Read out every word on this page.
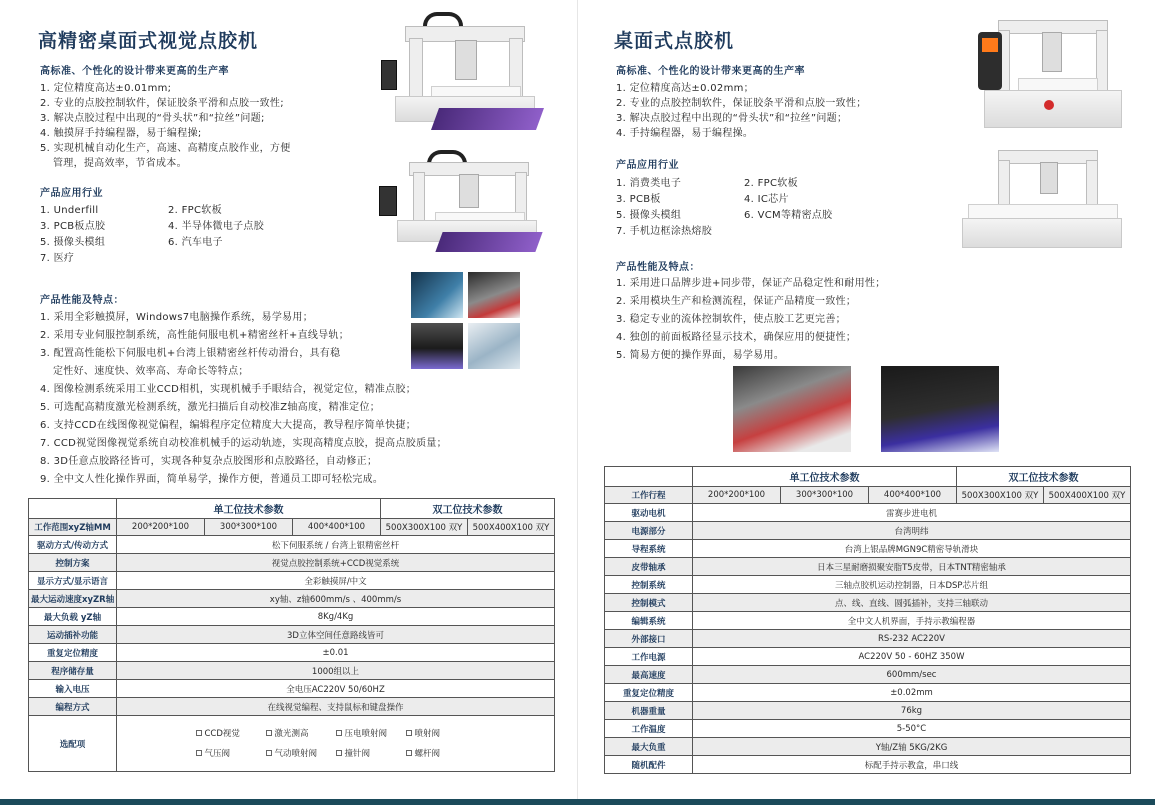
高精密桌面式视觉点胶机
高标准、个性化的设计带来更高的生产率
1. 定位精度高达±0.01mm;
2. 专业的点胶控制软件，保证胶条平滑和点胶一致性;
3. 解决点胶过程中出现的“骨头状”和“拉丝”问题;
4. 触摸屏手持编程器，易于编程操;
5. 实现机械自动化生产，高速、高精度点胶作业，方便
管理，提高效率，节省成本。
产品应用行业
1. Underfill	2. FPC软板
3. PCB板点胶	4. 半导体微电子点胶
5. 摄像头模组	6. 汽车电子
7. 医疗
产品性能及特点：
1. 采用全彩触摸屏，Windows7电脑操作系统，易学易用；
2. 采用专业伺服控制系统，高性能伺服电机+精密丝杆+直线导轨；
3. 配置高性能松下伺服电机+台湾上银精密丝杆传动滑台，具有稳
定性好、速度快、效率高、寿命长等特点；
4. 图像检测系统采用工业CCD相机，实现机械手手眼结合，视觉定位，精准点胶；
5. 可选配高精度激光检测系统，激光扫描后自动校准Z轴高度，精准定位；
6. 支持CCD在线图像视觉偏程，编辑程序定位精度大大提高，教导程序简单快捷；
7. CCD视觉图像视觉系统自动校准机械手的运动轨迹，实现高精度点胶，提高点胶质量；
8. 3D任意点胶路径皆可，实现各种复杂点胶图形和点胶路径，自动修正；
9. 全中文人性化操作界面，简单易学，操作方便，普通员工即可轻松完成。
	单工位技术参数			双工位技术参数	
工作范围xyZ轴MM	200*200*100	300*300*100	400*400*100	500X300X100 双Y	500X400X100 双Y
驱动方式/传动方式	松下伺服系统 / 台湾上银精密丝杆				
控制方案	视觉点胶控制系统+CCD视觉系统				
显示方式/显示语言	全彩触摸屏/中文				
最大运动速度xyZR轴	xy轴、z轴600mm/s 、400mm/s				
最大负载 yZ轴	8Kg/4Kg				
运动插补功能	3D立体空间任意路线皆可				
重复定位精度	±0.01				
程序储存量	1000组以上				
输入电压	全电压AC220V 50/60HZ				
编程方式	在线视觉编程、支持鼠标和键盘操作				
选配项	CCD视觉 激光测高 压电喷射阀 喷射阀
气压阀 气动喷射阀 撞针阀 螺杆阀				
桌面式点胶机
高标准、个性化的设计带来更高的生产率
1. 定位精度高达±0.02mm；
2. 专业的点胶控制软件，保证胶条平滑和点胶一致性；
3. 解决点胶过程中出现的“骨头状”和“拉丝”问题；
4. 手持编程器，易于编程操。
产品应用行业
1. 消费类电子	2. FPC软板
3. PCB板	4. IC芯片
5. 摄像头模组	6. VCM等精密点胶
7. 手机边框涂热熔胶
产品性能及特点：
1. 采用进口品牌步进+同步带，保证产品稳定性和耐用性；
2. 采用模块生产和检测流程，保证产品精度一致性；
3. 稳定专业的流体控制软件，使点胶工艺更完善；
4. 独创的前面板路径显示技术，确保应用的便捷性；
5. 简易方便的操作界面，易学易用。
	单工位技术参数			双工位技术参数	
工作行程	200*200*100	300*300*100	400*400*100	500X300X100 双Y	500X400X100 双Y
驱动电机	雷赛步进电机				
电源部分	台湾明纬				
导程系统	台湾上银品牌MGN9C精密导轨滑块				
皮带轴承	日本三星耐磨损聚安脂T5皮带，日本TNT精密轴承				
控制系统	三轴点胶机运动控制器，日本DSP芯片组				
控制模式	点、线、直线、圆弧插补，支持三轴联动				
编辑系统	全中文人机界面，手持示教编程器				
外部接口	RS-232 AC220V				
工作电源	AC220V 50 - 60HZ 350W				
最高速度	600mm/sec				
重复定位精度	±0.02mm				
机器重量	76kg				
工作温度	5-50°C				
最大负重	Y轴/Z轴 5KG/2KG				
随机配件	标配手持示教盒，串口线				
